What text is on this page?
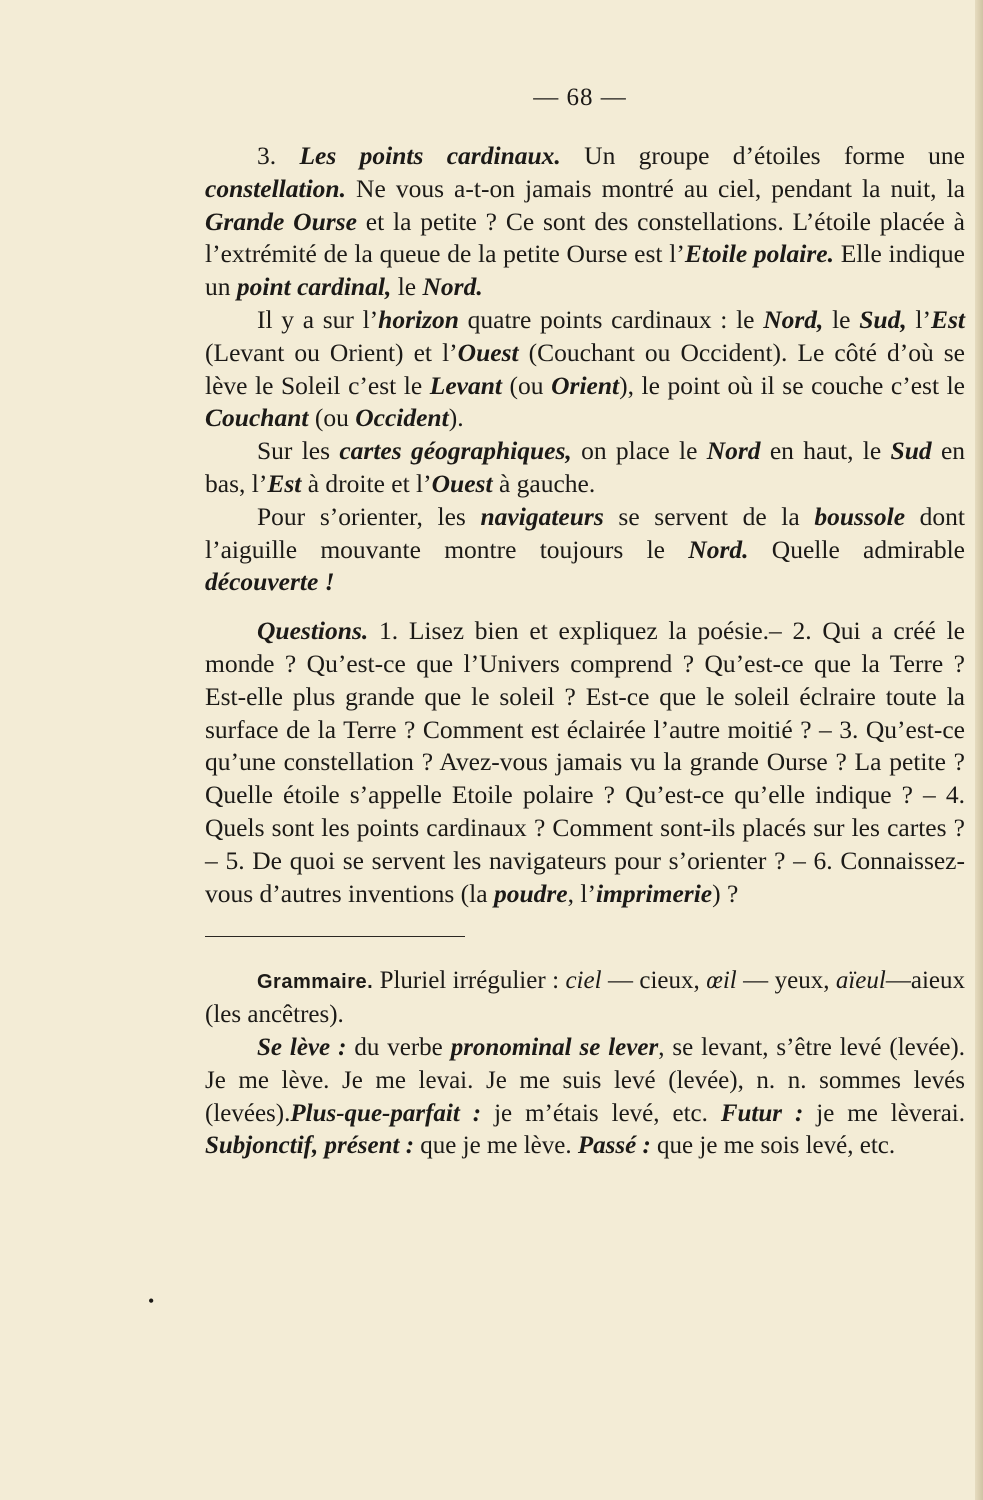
— 68 —

3. Les points cardinaux. Un groupe d’étoiles forme une constellation. Ne vous a-t-on jamais montré au ciel, pendant la nuit, la Grande Ourse et la petite ? Ce sont des constellations. L’étoile placée à l’extrémité de la queue de la petite Ourse est l’Etoile polaire. Elle indique un point cardinal, le Nord.

Il y a sur l’horizon quatre points cardinaux : le Nord, le Sud, l’Est (Levant ou Orient) et l’Ouest (Couchant ou Occident). Le côté d’où se lève le Soleil c’est le Levant (ou Orient), le point où il se couche c’est le Couchant (ou Occident).

Sur les cartes géographiques, on place le Nord en haut, le Sud en bas, l’Est à droite et l’Ouest à gauche.

Pour s’orienter, les navigateurs se servent de la boussole dont l’aiguille mouvante montre toujours le Nord. Quelle admirable découverte !

Questions. 1. Lisez bien et expliquez la poésie.– 2. Qui a créé le monde ? Qu’est-ce que l’Univers comprend ? Qu’est-ce que la Terre ? Est-elle plus grande que le soleil ? Est-ce que le soleil éclraire toute la surface de la Terre ? Comment est éclairée l’autre moitié ? – 3. Qu’est-ce qu’une constellation ? Avez-vous jamais vu la grande Ourse ? La petite ? Quelle étoile s’appelle Etoile polaire ? Qu’est-ce qu’elle indique ? – 4. Quels sont les points cardinaux ? Comment sont-ils placés sur les cartes ? – 5. De quoi se servent les navigateurs pour s’orienter ? – 6. Connaissez-vous d’autres inventions (la poudre, l’imprimerie) ?

Grammaire. Pluriel irrégulier : ciel — cieux, œil — yeux, aïeul—aieux (les ancêtres).

Se lève : du verbe pronominal se lever, se levant, s’être levé (levée). Je me lève. Je me levai. Je me suis levé (levée), n. n. sommes levés (levées).Plus-que-parfait : je m’étais levé, etc. Futur : je me lèverai. Subjonctif, présent : que je me lève. Passé : que je me sois levé, etc.

•
